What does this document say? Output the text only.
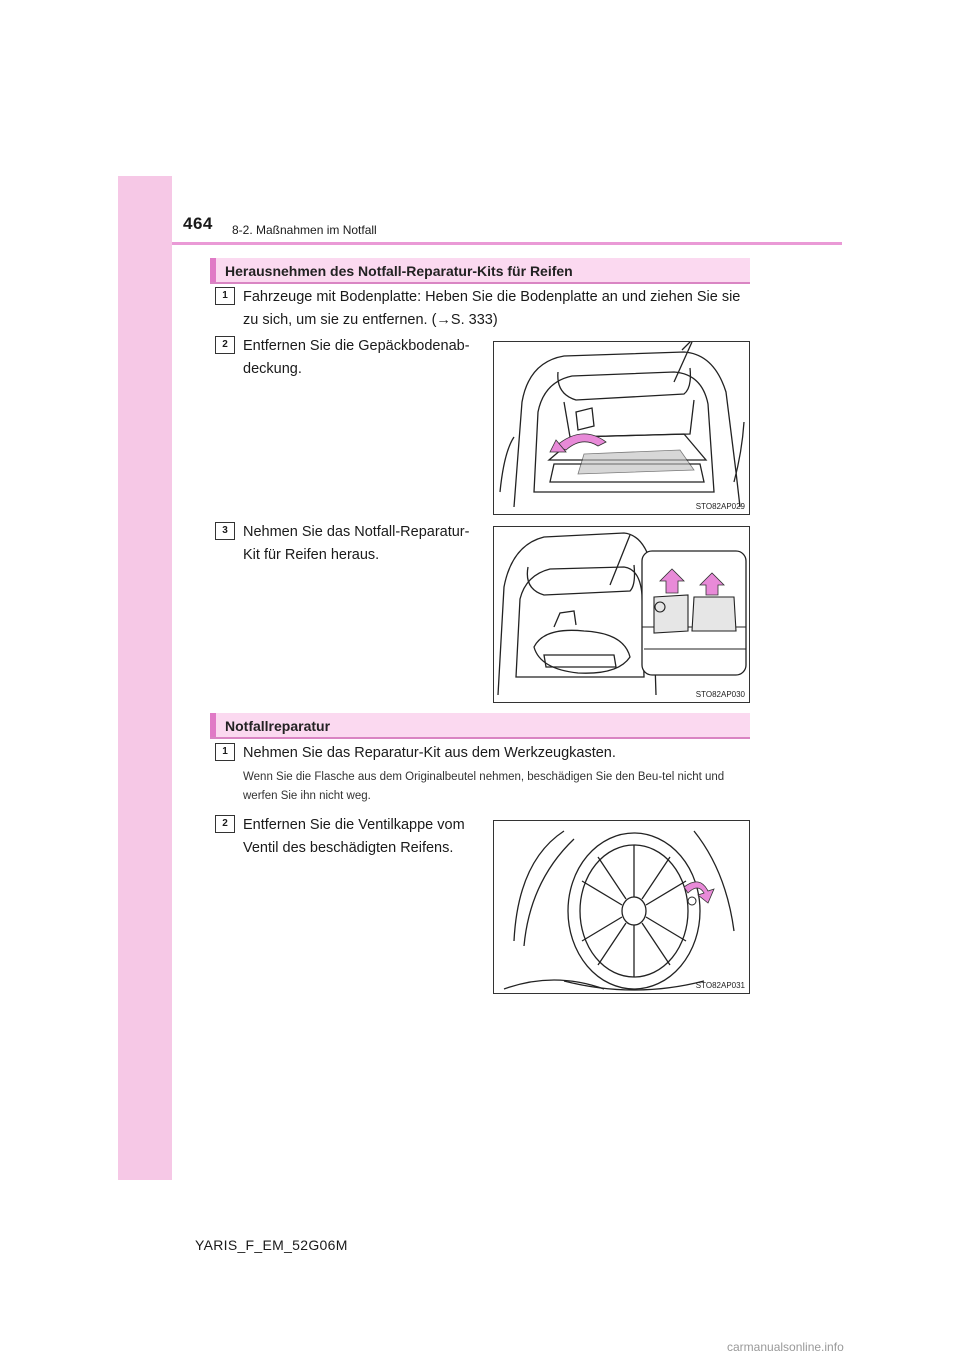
464 8-2. Maßnahmen im Notfall
Herausnehmen des Notfall-Reparatur-Kits für Reifen
1	Fahrzeuge mit Bodenplatte: Heben Sie die Bodenplatte an und ziehen Sie sie zu sich, um sie zu entfernen. (→S. 333)
2	Entfernen Sie die Gepäckbodenab-deckung.
STO82AP029
3	Nehmen Sie das Notfall-Reparatur-Kit für Reifen heraus.
STO82AP030
Notfallreparatur
1	Nehmen Sie das Reparatur-Kit aus dem Werkzeugkasten.
Wenn Sie die Flasche aus dem Originalbeutel nehmen, beschädigen Sie den Beu-tel nicht und werfen Sie ihn nicht weg.
2	Entfernen Sie die Ventilkappe vom Ventil des beschädigten Reifens.
STO82AP031
YARIS_F_EM_52G06M
carmanualsonline.info
